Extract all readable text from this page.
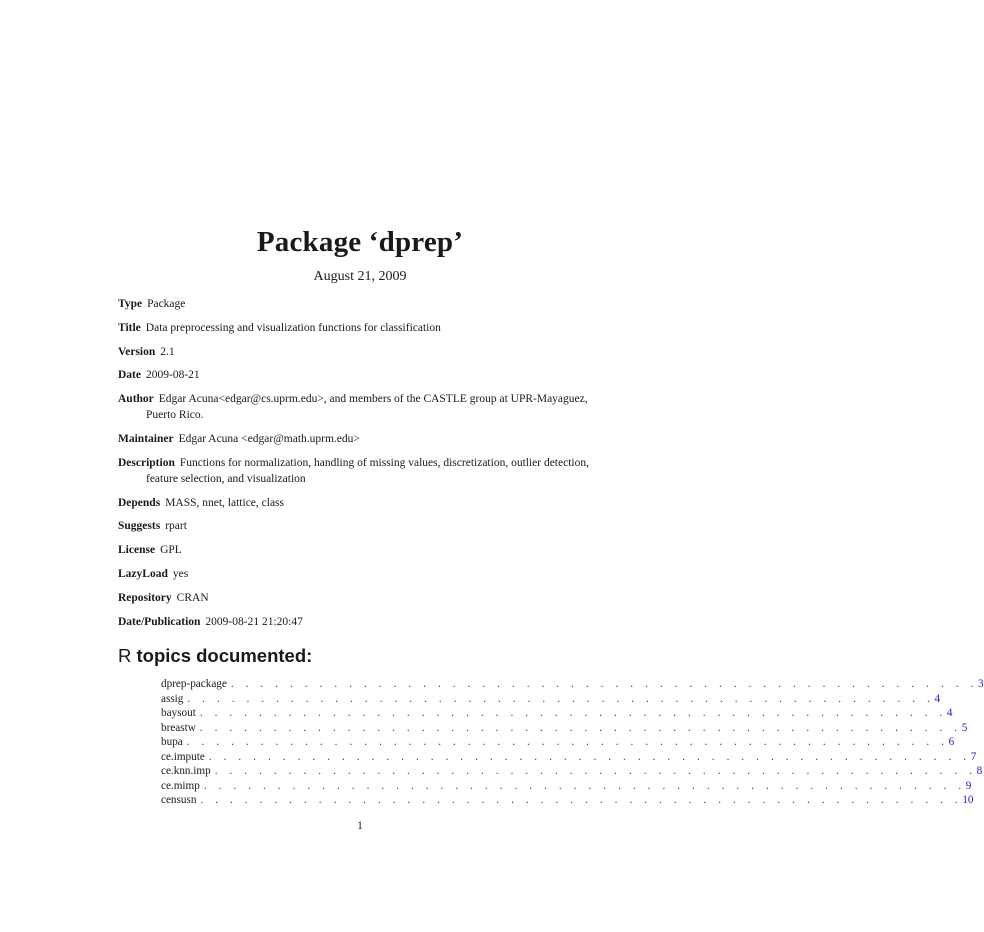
Package ‘dprep’
August 21, 2009
Type Package
Title Data preprocessing and visualization functions for classification
Version 2.1
Date 2009-08-21
Author Edgar Acuna<edgar@cs.uprm.edu>, and members of the CASTLE group at UPR-Mayaguez, Puerto Rico.
Maintainer Edgar Acuna <edgar@math.uprm.edu>
Description Functions for normalization, handling of missing values, discretization, outlier detection, feature selection, and visualization
Depends MASS, nnet, lattice, class
Suggests rpart
License GPL
LazyLoad yes
Repository CRAN
Date/Publication 2009-08-21 21:20:47
R topics documented:
dprep-package . . . . . . . . . . . . . . . . . . . . . . . . . . . . . . . . . . . . . . . . . . . . . . . . . . . 3
assig . . . . . . . . . . . . . . . . . . . . . . . . . . . . . . . . . . . . . . . . . . . . . . . . . . . 4
baysout . . . . . . . . . . . . . . . . . . . . . . . . . . . . . . . . . . . . . . . . . . . . . . . . . . . 4
breastw . . . . . . . . . . . . . . . . . . . . . . . . . . . . . . . . . . . . . . . . . . . . . . . . . . . . 5
bupa . . . . . . . . . . . . . . . . . . . . . . . . . . . . . . . . . . . . . . . . . . . . . . . . . . . . 6
ce.impute . . . . . . . . . . . . . . . . . . . . . . . . . . . . . . . . . . . . . . . . . . . . . . . . . . . . 7
ce.knn.imp . . . . . . . . . . . . . . . . . . . . . . . . . . . . . . . . . . . . . . . . . . . . . . . . . . . . 8
ce.mimp . . . . . . . . . . . . . . . . . . . . . . . . . . . . . . . . . . . . . . . . . . . . . . . . . . . . 9
censusn . . . . . . . . . . . . . . . . . . . . . . . . . . . . . . . . . . . . . . . . . . . . . . . . . . . . 10
1
